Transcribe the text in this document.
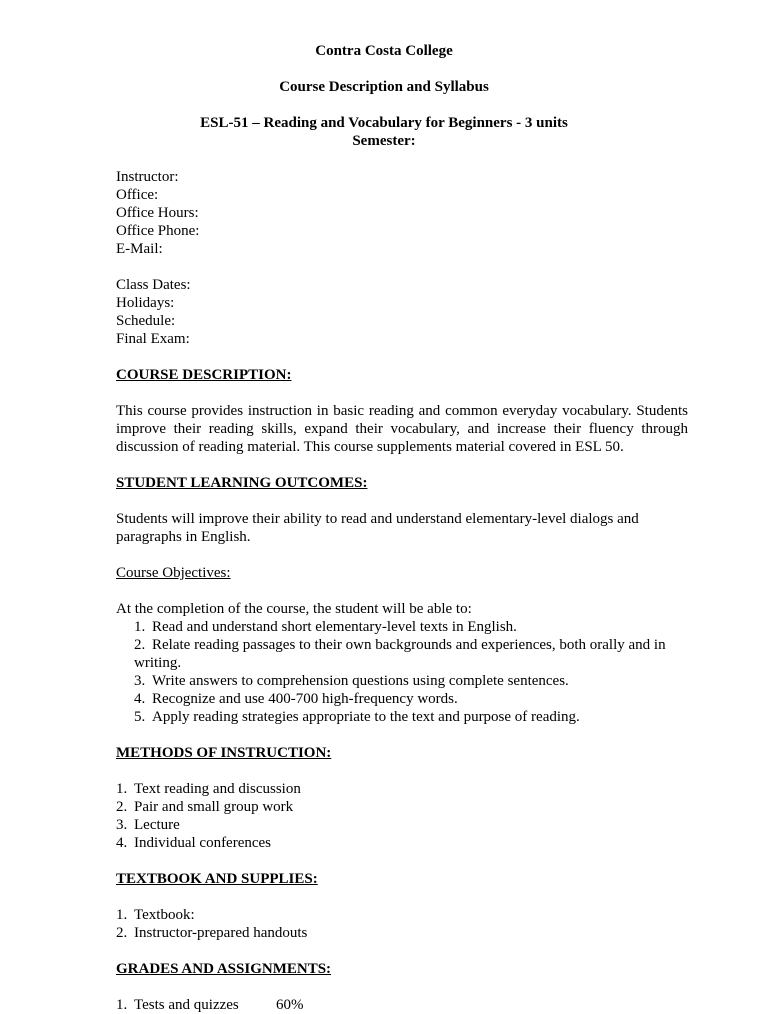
Contra Costa College
Course Description and Syllabus
ESL-51 – Reading and Vocabulary for Beginners - 3 units
Semester:
Instructor:
Office:
Office Hours:
Office Phone:
E-Mail:
Class Dates:
Holidays:
Schedule:
Final Exam:
COURSE DESCRIPTION:
This course provides instruction in basic reading and common everyday vocabulary. Students improve their reading skills, expand their vocabulary, and increase their fluency through discussion of reading material. This course supplements material covered in ESL 50.
STUDENT LEARNING OUTCOMES:
Students will improve their ability to read and understand elementary-level dialogs and paragraphs in English.
Course Objectives:
At the completion of the course, the student will be able to:
1. Read and understand short elementary-level texts in English.
2. Relate reading passages to their own backgrounds and experiences, both orally and in writing.
3. Write answers to comprehension questions using complete sentences.
4. Recognize and use 400-700 high-frequency words.
5. Apply reading strategies appropriate to the text and purpose of reading.
METHODS OF INSTRUCTION:
1. Text reading and discussion
2. Pair and small group work
3. Lecture
4. Individual conferences
TEXTBOOK AND SUPPLIES:
1. Textbook:
2. Instructor-prepared handouts
GRADES AND ASSIGNMENTS:
1. Tests and quizzes	60%
